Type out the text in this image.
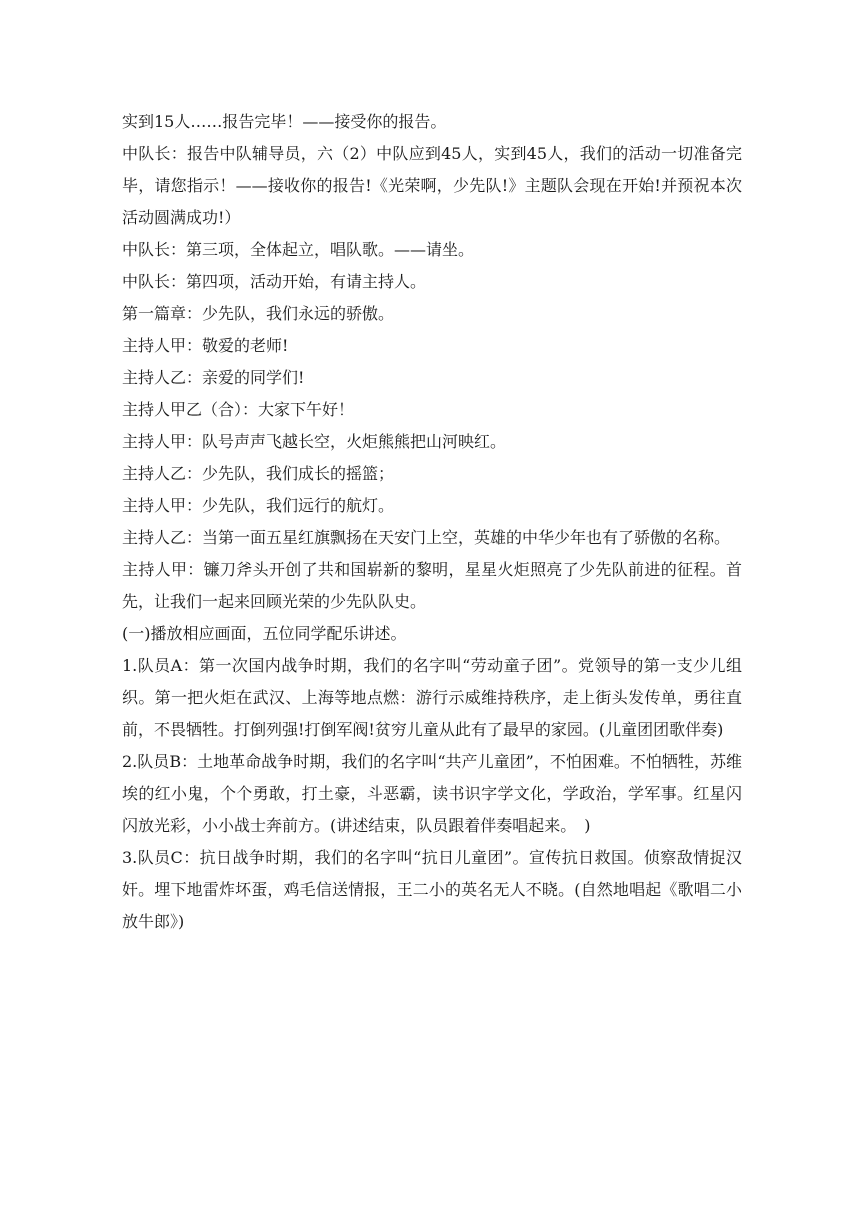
实到15人……报告完毕！——接受你的报告。

中队长：报告中队辅导员，六（2）中队应到45人，实到45人，我们的活动一切准备完毕，请您指示！——接收你的报告!《光荣啊，少先队!》主题队会现在开始!并预祝本次活动圆满成功!）

中队长：第三项，全体起立，唱队歌。——请坐。

中队长：第四项，活动开始，有请主持人。

第一篇章：少先队，我们永远的骄傲。

主持人甲：敬爱的老师!

主持人乙：亲爱的同学们!

主持人甲乙（合）：大家下午好！

主持人甲：队号声声飞越长空，火炬熊熊把山河映红。

主持人乙：少先队，我们成长的摇篮；

主持人甲：少先队，我们远行的航灯。

主持人乙：当第一面五星红旗飘扬在天安门上空，英雄的中华少年也有了骄傲的名称。

主持人甲：镰刀斧头开创了共和国崭新的黎明，星星火炬照亮了少先队前进的征程。首先，让我们一起来回顾光荣的少先队队史。

(一)播放相应画面，五位同学配乐讲述。

1.队员A：第一次国内战争时期，我们的名字叫“劳动童子团”。党领导的第一支少儿组织。第一把火炬在武汉、上海等地点燃：游行示威维持秩序，走上街头发传单，勇往直前，不畏牺牲。打倒列强!打倒军阀!贫穷儿童从此有了最早的家园。(儿童团团歌伴奏)

2.队员B：土地革命战争时期，我们的名字叫“共产儿童团”，不怕困难。不怕牺牲，苏维埃的红小鬼，个个勇敢，打土豪，斗恶霸，读书识字学文化，学政治，学军事。红星闪闪放光彩，小小战士奔前方。(讲述结束，队员跟着伴奏唱起来。　)

3.队员C：抗日战争时期，我们的名字叫“抗日儿童团”。宣传抗日救国。侦察敌情捉汉奸。埋下地雷炸坏蛋，鸡毛信送情报，王二小的英名无人不晓。(自然地唱起《歌唱二小放牛郎》)
